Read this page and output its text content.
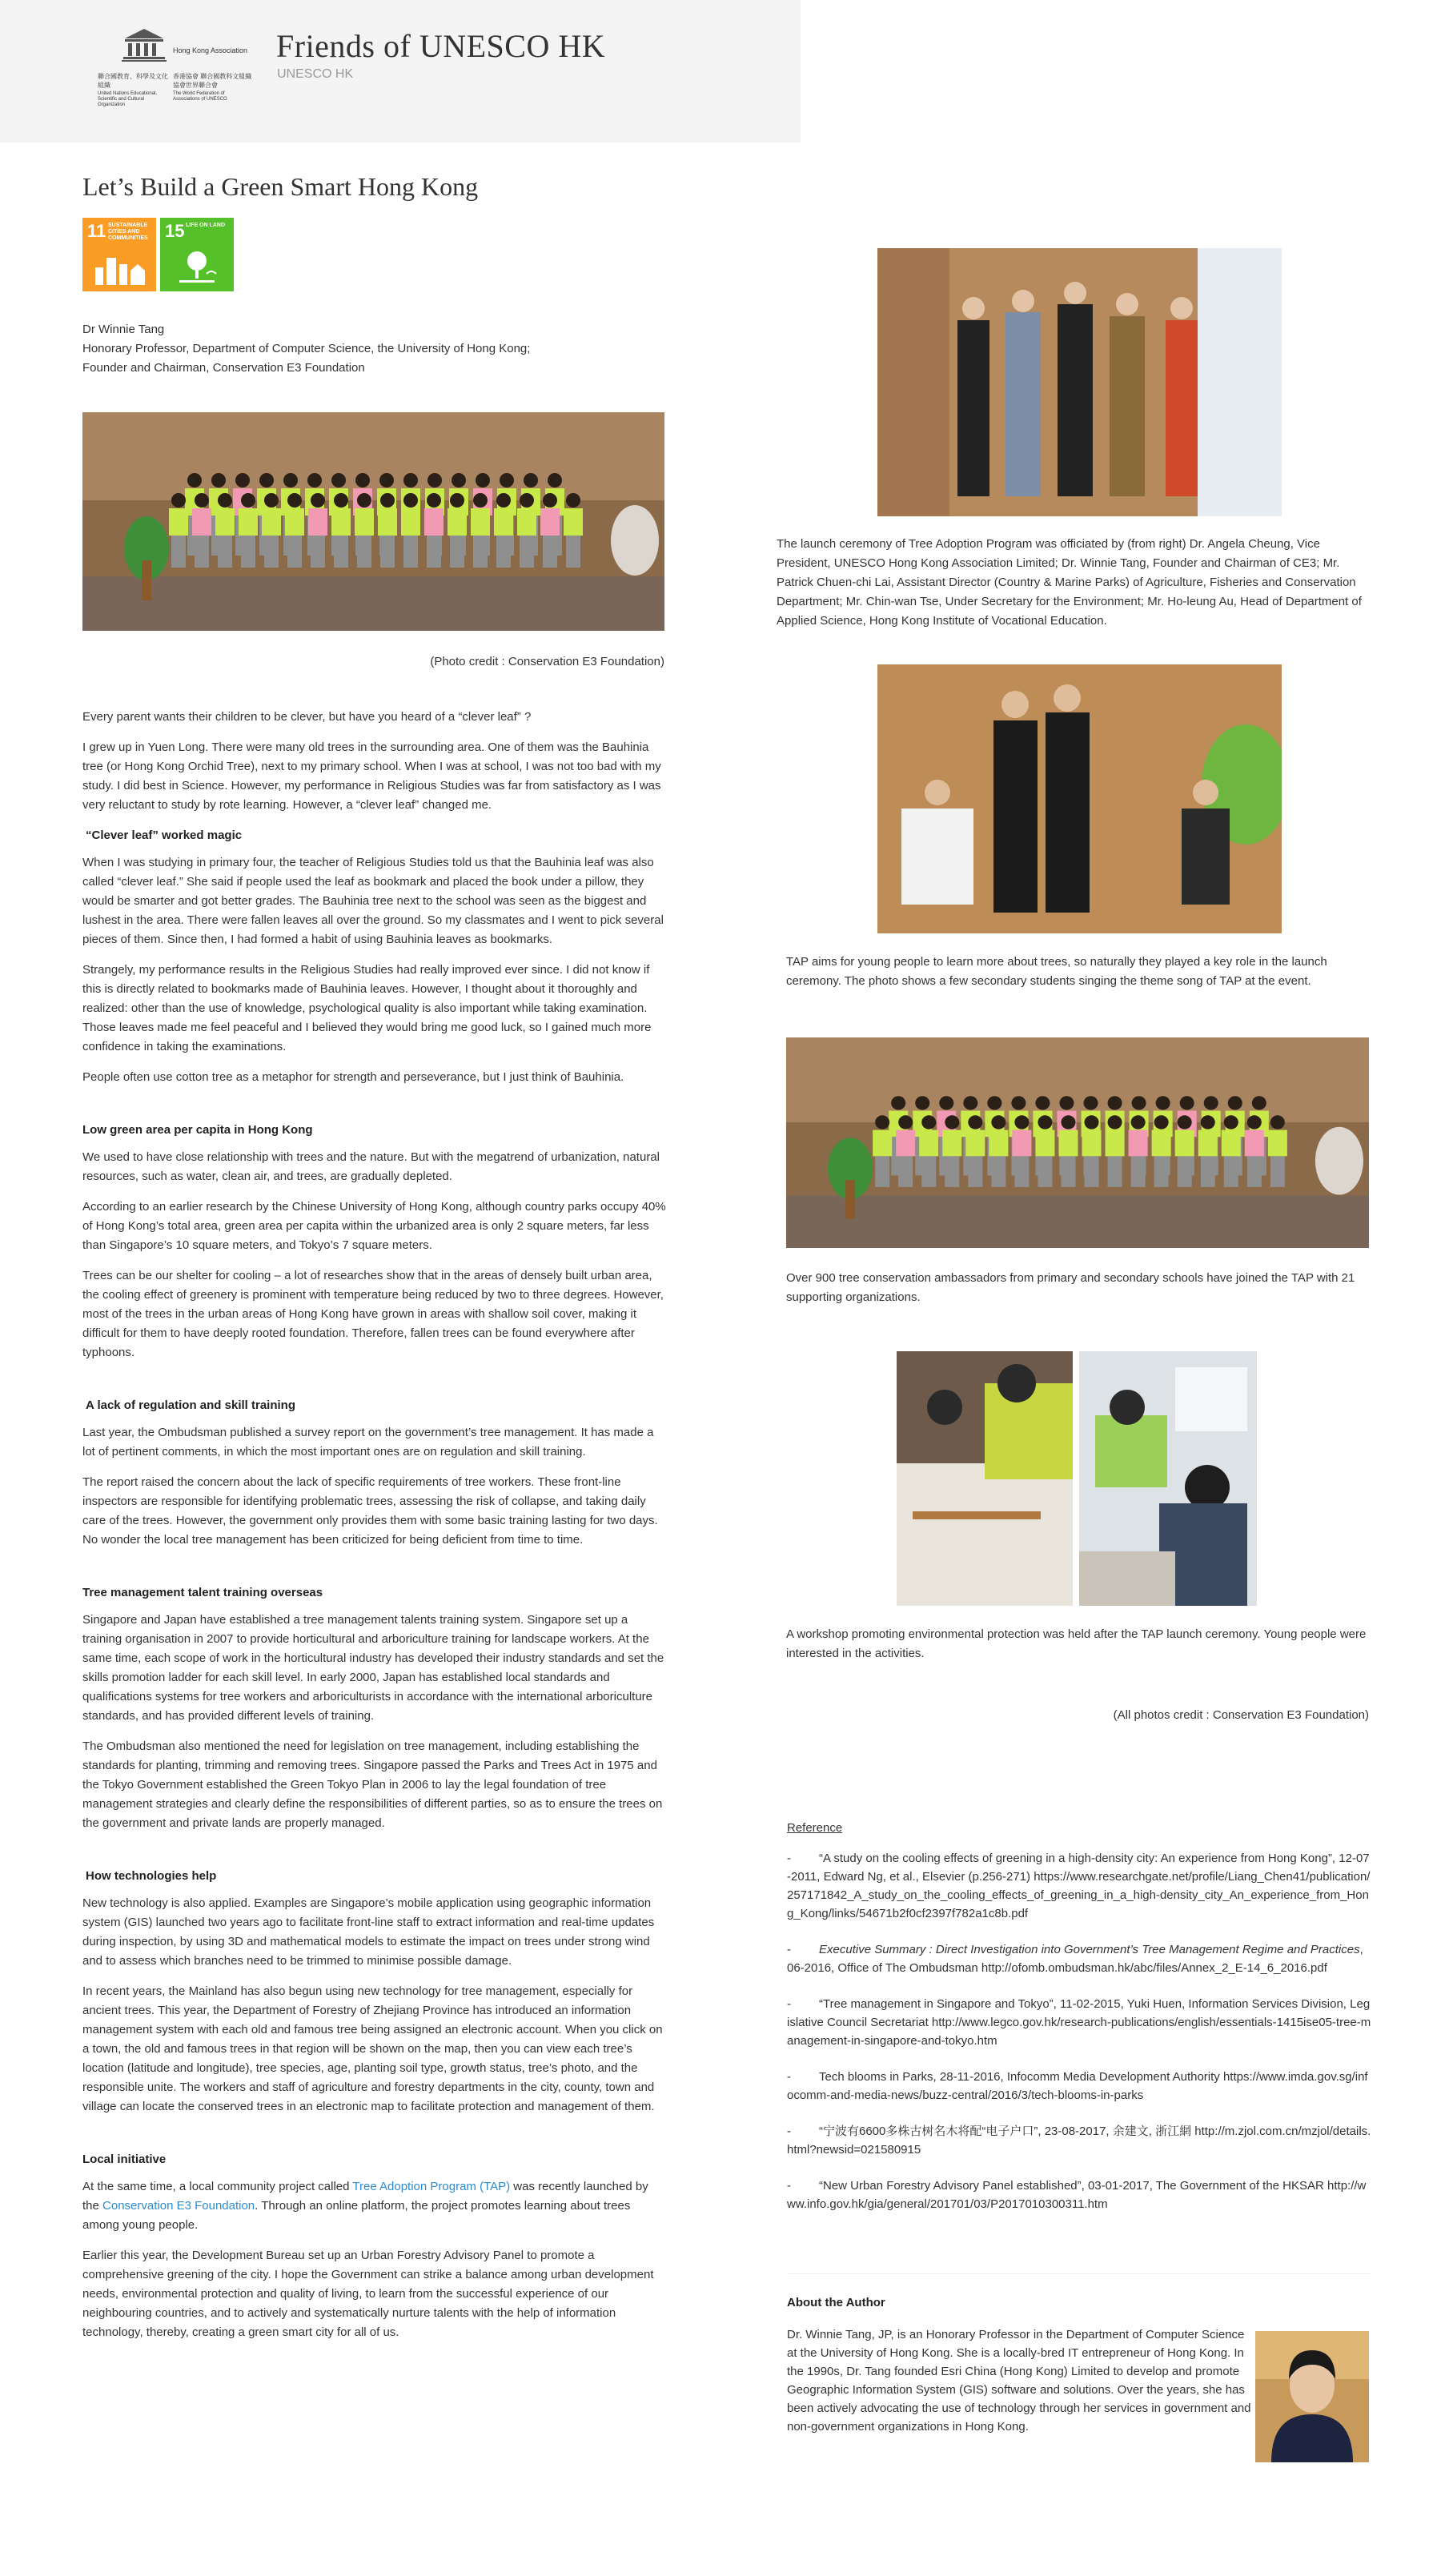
Hong Kong Association
聯合國教育、科學及文化組織
香港協會 聯合國教科文組織協會世界聯合會
United Nations Educational, Scientific and Cultural Organization
The World Federation of Associations of UNESCO
Friends of UNESCO HK
UNESCO HK
Let’s Build a Green Smart Hong Kong
11 SUSTAINABLE CITIES AND COMMUNITIES 15 LIFE ON LAND
Dr Winnie Tang
Honorary Professor, Department of Computer Science, the University of Hong Kong;
Founder and Chairman, Conservation E3 Foundation
(Photo credit : Conservation E3 Foundation)

Every parent wants their children to be clever, but have you heard of a “clever leaf” ?

I grew up in Yuen Long. There were many old trees in the surrounding area. One of them was the Bauhinia tree (or Hong Kong Orchid Tree), next to my primary school. When I was at school, I was not too bad with my study. I did best in Science. However, my performance in Religious Studies was far from satisfactory as I was very reluctant to study by rote learning. However, a “clever leaf” changed me.

“Clever leaf” worked magic

When I was studying in primary four, the teacher of Religious Studies told us that the Bauhinia leaf was also called “clever leaf.” She said if people used the leaf as bookmark and placed the book under a pillow, they would be smarter and got better grades. The Bauhinia tree next to the school was seen as the biggest and lushest in the area. There were fallen leaves all over the ground. So my classmates and I went to pick several pieces of them. Since then, I had formed a habit of using Bauhinia leaves as bookmarks.

Strangely, my performance results in the Religious Studies had really improved ever since. I did not know if this is directly related to bookmarks made of Bauhinia leaves. However, I thought about it thoroughly and realized: other than the use of knowledge, psychological quality is also important while taking examination. Those leaves made me feel peaceful and I believed they would bring me good luck, so I gained much more confidence in taking the examinations.

People often use cotton tree as a metaphor for strength and perseverance, but I just think of Bauhinia.

Low green area per capita in Hong Kong

We used to have close relationship with trees and the nature. But with the megatrend of urbanization, natural resources, such as water, clean air, and trees, are gradually depleted.

According to an earlier research by the Chinese University of Hong Kong, although country parks occupy 40% of Hong Kong’s total area, green area per capita within the urbanized area is only 2 square meters, far less than Singapore’s 10 square meters, and Tokyo’s 7 square meters.

Trees can be our shelter for cooling – a lot of researches show that in the areas of densely built urban area, the cooling effect of greenery is prominent with temperature being reduced by two to three degrees. However, most of the trees in the urban areas of Hong Kong have grown in areas with shallow soil cover, making it difficult for them to have deeply rooted foundation. Therefore, fallen trees can be found everywhere after typhoons.

A lack of regulation and skill training

Last year, the Ombudsman published a survey report on the government’s tree management. It has made a lot of pertinent comments, in which the most important ones are on regulation and skill training.

The report raised the concern about the lack of specific requirements of tree workers. These front-line inspectors are responsible for identifying problematic trees, assessing the risk of collapse, and taking daily care of the trees. However, the government only provides them with some basic training lasting for two days. No wonder the local tree management has been criticized for being deficient from time to time.

Tree management talent training overseas

Singapore and Japan have established a tree management talents training system. Singapore set up a training organisation in 2007 to provide horticultural and arboriculture training for landscape workers. At the same time, each scope of work in the horticultural industry has developed their industry standards and set the skills promotion ladder for each skill level. In early 2000, Japan has established local standards and qualifications systems for tree workers and arboriculturists in accordance with the international arboriculture standards, and has provided different levels of training.

The Ombudsman also mentioned the need for legislation on tree management, including establishing the standards for planting, trimming and removing trees. Singapore passed the Parks and Trees Act in 1975 and the Tokyo Government established the Green Tokyo Plan in 2006 to lay the legal foundation of tree management strategies and clearly define the responsibilities of different parties, so as to ensure the trees on the government and private lands are properly managed.

How technologies help

New technology is also applied. Examples are Singapore’s mobile application using geographic information system (GIS) launched two years ago to facilitate front-line staff to extract information and real-time updates during inspection, by using 3D and mathematical models to estimate the impact on trees under strong wind and to assess which branches need to be trimmed to minimise possible damage.

In recent years, the Mainland has also begun using new technology for tree management, especially for ancient trees. This year, the Department of Forestry of Zhejiang Province has introduced an information management system with each old and famous tree being assigned an electronic account. When you click on a town, the old and famous trees in that region will be shown on the map, then you can view each tree’s location (latitude and longitude), tree species, age, planting soil type, growth status, tree’s photo, and the responsible unite. The workers and staff of agriculture and forestry departments in the city, county, town and village can locate the conserved trees in an electronic map to facilitate protection and management of them.

Local initiative

At the same time, a local community project called Tree Adoption Program (TAP) was recently launched by the Conservation E3 Foundation. Through an online platform, the project promotes learning about trees among young people.

Earlier this year, the Development Bureau set up an Urban Forestry Advisory Panel to promote a comprehensive greening of the city. I hope the Government can strike a balance among urban development needs, environmental protection and quality of living, to learn from the successful experience of our neighbouring countries, and to actively and systematically nurture talents with the help of information technology, thereby, creating a green smart city for all of us.

The launch ceremony of Tree Adoption Program was officiated by (from right) Dr. Angela Cheung, Vice President, UNESCO Hong Kong Association Limited; Dr. Winnie Tang, Founder and Chairman of CE3; Mr. Patrick Chuen-chi Lai, Assistant Director (Country & Marine Parks) of Agriculture, Fisheries and Conservation Department; Mr. Chin-wan Tse, Under Secretary for the Environment; Mr. Ho-leung Au, Head of Department of Applied Science, Hong Kong Institute of Vocational Education.
TAP aims for young people to learn more about trees, so naturally they played a key role in the launch ceremony. The photo shows a few secondary students singing the theme song of TAP at the event.
Over 900 tree conservation ambassadors from primary and secondary schools have joined the TAP with 21 supporting organizations.
A workshop promoting environmental protection was held after the TAP launch ceremony. Young people were interested in the activities.
(All photos credit : Conservation E3 Foundation)
Reference
- “A study on the cooling effects of greening in a high-density city: An experience from Hong Kong”, 12-07-2011, Edward Ng, et al., Elsevier (p.256-271) https://www.researchgate.net/profile/Liang_Chen41/publication/257171842_A_study_on_the_cooling_effects_of_greening_in_a_high-density_city_An_experience_from_Hong_Kong/links/54671b2f0cf2397f782a1c8b.pdf
- Executive Summary : Direct Investigation into Government’s Tree Management Regime and Practices, 06-2016, Office of The Ombudsman http://ofomb.ombudsman.hk/abc/files/Annex_2_E-14_6_2016.pdf
- “Tree management in Singapore and Tokyo”, 11-02-2015, Yuki Huen, Information Services Division, Legislative Council Secretariat http://www.legco.gov.hk/research-publications/english/essentials-1415ise05-tree-management-in-singapore-and-tokyo.htm
- Tech blooms in Parks, 28-11-2016, Infocomm Media Development Authority https://www.imda.gov.sg/infocomm-and-media-news/buzz-central/2016/3/tech-blooms-in-parks
- “宁波有6600多株古树名木将配“电子户口”, 23-08-2017, 余建文, 浙江網 http://m.zjol.com.cn/mzjol/details.html?newsid=021580915
- “New Urban Forestry Advisory Panel established”, 03-01-2017, The Government of the HKSAR http://www.info.gov.hk/gia/general/201701/03/P2017010300311.htm
About the Author
Dr. Winnie Tang, JP, is an Honorary Professor in the Department of Computer Science at the University of Hong Kong. She is a locally-bred IT entrepreneur of Hong Kong. In the 1990s, Dr. Tang founded Esri China (Hong Kong) Limited to develop and promote Geographic Information System (GIS) software and solutions. Over the years, she has been actively advocating the use of technology through her services in government and non-government organizations in Hong Kong.
